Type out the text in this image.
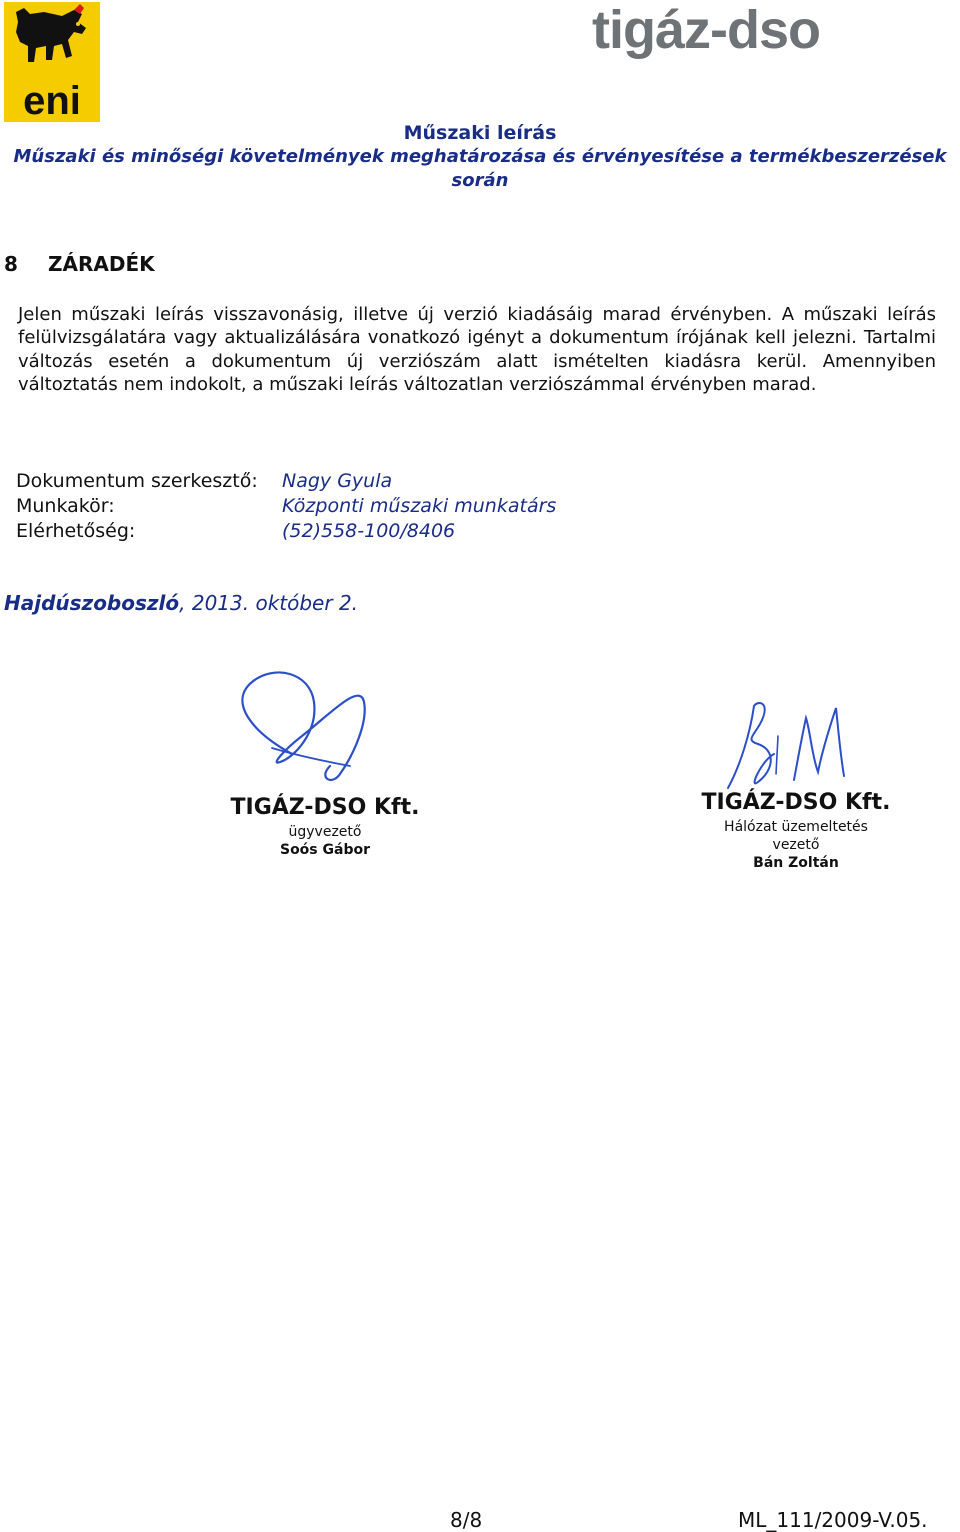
eni
tigáz-dso
Műszaki leírás
Műszaki és minőségi követelmények meghatározása és érvényesítése a termékbeszerzések
során
8 ZÁRADÉK
Jelen műszaki leírás visszavonásig, illetve új verzió kiadásáig marad érvényben. A műszaki leírás felülvizsgálatára vagy aktualizálására vonatkozó igényt a dokumentum írójának kell jelezni. Tartalmi változás esetén a dokumentum új verziószám alatt ismételten kiadásra kerül. Amennyiben változtatás nem indokolt, a műszaki leírás változatlan verziószámmal érvényben marad.
Dokumentum szerkesztő: Nagy Gyula
Munkakör:	Központi műszaki munkatárs
Elérhetőség:	(52)558-100/8406
Hajdúszoboszló, 2013. október 2.
TIGÁZ-DSO Kft.
ügyvezető
Soós Gábor
TIGÁZ-DSO Kft.
Hálózat üzemeltetés
vezető
Bán Zoltán
8/8	ML_111/2009-V.05.
